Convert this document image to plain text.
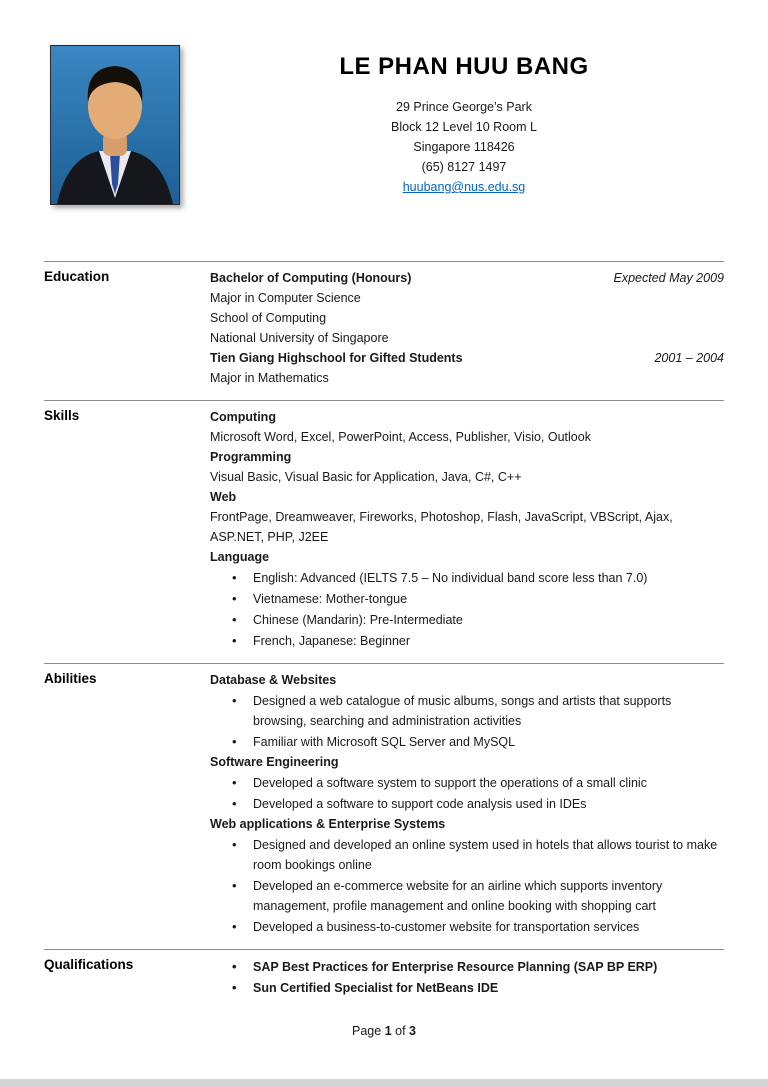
LE PHAN HUU BANG
29 Prince George’s Park
Block 12 Level 10 Room L
Singapore 118426
(65) 8127 1497
huubang@nus.edu.sg
Education	Bachelor of Computing (Honours)	Expected May 2009
Major in Computer Science
School of Computing
National University of Singapore
Tien Giang Highschool for Gifted Students	2001 – 2004
Major in Mathematics
Skills	Computing
Microsoft Word, Excel, PowerPoint, Access, Publisher, Visio, Outlook
Programming
Visual Basic, Visual Basic for Application, Java, C#, C++
Web
FrontPage, Dreamweaver, Fireworks, Photoshop, Flash, JavaScript, VBScript, Ajax, ASP.NET, PHP, J2EE
Language
• English: Advanced (IELTS 7.5 – No individual band score less than 7.0)
• Vietnamese: Mother-tongue
• Chinese (Mandarin): Pre-Intermediate
• French, Japanese: Beginner
Abilities	Database & Websites
• Designed a web catalogue of music albums, songs and artists that supports browsing, searching and administration activities
• Familiar with Microsoft SQL Server and MySQL
Software Engineering
• Developed a software system to support the operations of a small clinic
• Developed a software to support code analysis used in IDEs
Web applications & Enterprise Systems
• Designed and developed an online system used in hotels that allows tourist to make room bookings online
• Developed an e-commerce website for an airline which supports inventory management, profile management and online booking with shopping cart
• Developed a business-to-customer website for transportation services
Qualifications	• SAP Best Practices for Enterprise Resource Planning (SAP BP ERP)
• Sun Certified Specialist for NetBeans IDE
Page 1 of 3
